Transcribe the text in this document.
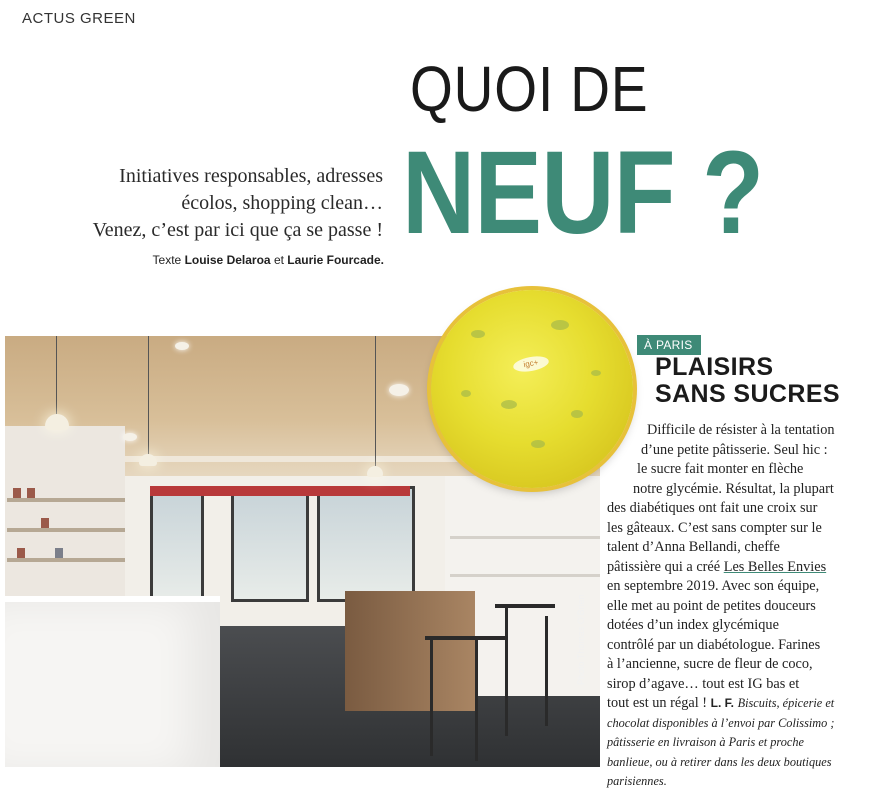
ACTUS GREEN
QUOI DE
NEUF ?
Initiatives responsables, adresses
écolos, shopping clean…
Venez, c’est par ici que ça se passe !
Texte Louise Delaroa et Laurie Fourcade.
Photo Thomas O'Brien
igc+
À PARIS
PLAISIRS
SANS SUCRES
Difficile de résister à la tentation
d’une petite pâtisserie. Seul hic :
le sucre fait monter en flèche
notre glycémie. Résultat, la plupart
des diabétiques ont fait une croix sur
les gâteaux. C’est sans compter sur le
talent d’Anna Bellandi, cheffe
pâtissière qui a créé Les Belles Envies
en septembre 2019. Avec son équipe,
elle met au point de petites douceurs
dotées d’un index glycémique
contrôlé par un diabétologue. Farines
à l’ancienne, sucre de fleur de coco,
sirop d’agave… tout est IG bas et
tout est un régal ! L. F. Biscuits, épicerie et
chocolat disponibles à l’envoi par Colissimo ;
pâtisserie en livraison à Paris et proche
banlieue, ou à retirer dans les deux boutiques
parisiennes.
